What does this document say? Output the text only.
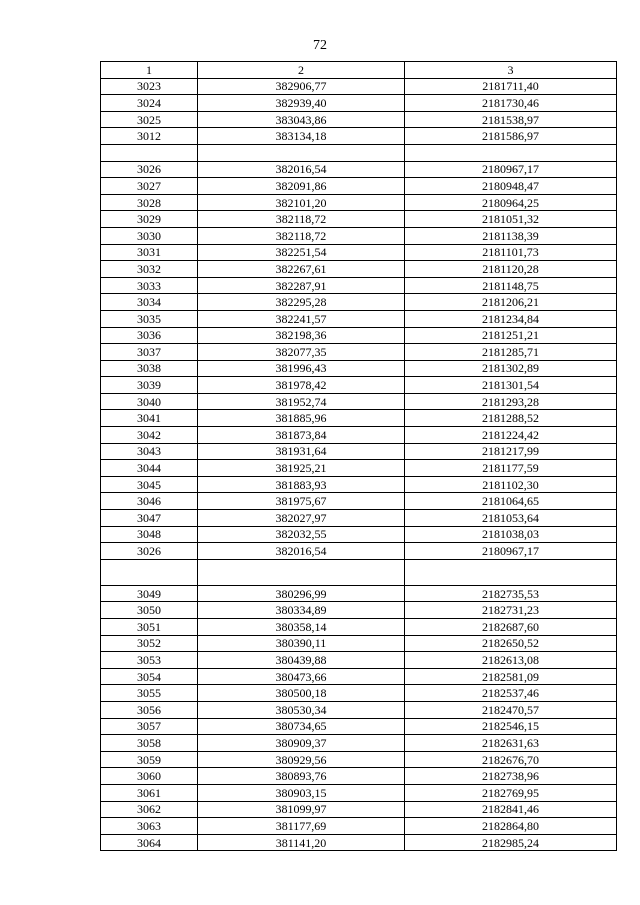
72
1	2	3
3023	382906,77	2181711,40
3024	382939,40	2181730,46
3025	383043,86	2181538,97
3012	383134,18	2181586,97

3026	382016,54	2180967,17
3027	382091,86	2180948,47
3028	382101,20	2180964,25
3029	382118,72	2181051,32
3030	382118,72	2181138,39
3031	382251,54	2181101,73
3032	382267,61	2181120,28
3033	382287,91	2181148,75
3034	382295,28	2181206,21
3035	382241,57	2181234,84
3036	382198,36	2181251,21
3037	382077,35	2181285,71
3038	381996,43	2181302,89
3039	381978,42	2181301,54
3040	381952,74	2181293,28
3041	381885,96	2181288,52
3042	381873,84	2181224,42
3043	381931,64	2181217,99
3044	381925,21	2181177,59
3045	381883,93	2181102,30
3046	381975,67	2181064,65
3047	382027,97	2181053,64
3048	382032,55	2181038,03
3026	382016,54	2180967,17

3049	380296,99	2182735,53
3050	380334,89	2182731,23
3051	380358,14	2182687,60
3052	380390,11	2182650,52
3053	380439,88	2182613,08
3054	380473,66	2182581,09
3055	380500,18	2182537,46
3056	380530,34	2182470,57
3057	380734,65	2182546,15
3058	380909,37	2182631,63
3059	380929,56	2182676,70
3060	380893,76	2182738,96
3061	380903,15	2182769,95
3062	381099,97	2182841,46
3063	381177,69	2182864,80
3064	381141,20	2182985,24
